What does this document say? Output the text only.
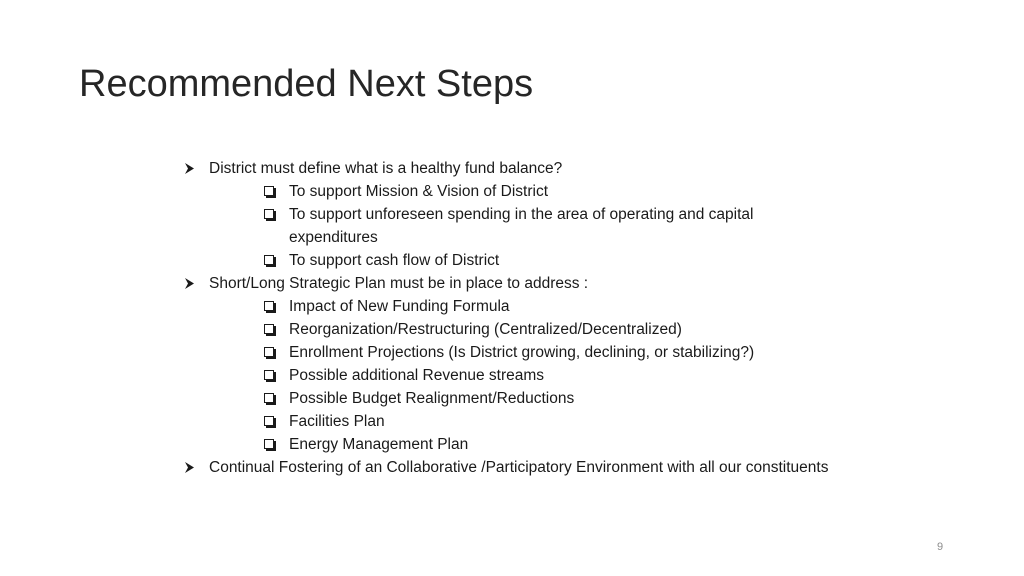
Recommended Next Steps
District must define what is a healthy fund balance?
To support Mission & Vision of District
To support unforeseen spending in the area of operating and capital expenditures
To support cash flow of District
Short/Long Strategic Plan must be in place to address :
Impact of New Funding Formula
Reorganization/Restructuring (Centralized/Decentralized)
Enrollment Projections (Is District growing, declining, or stabilizing?)
Possible additional Revenue streams
Possible Budget Realignment/Reductions
Facilities Plan
Energy Management Plan
Continual Fostering of an Collaborative /Participatory Environment with all our constituents
9
